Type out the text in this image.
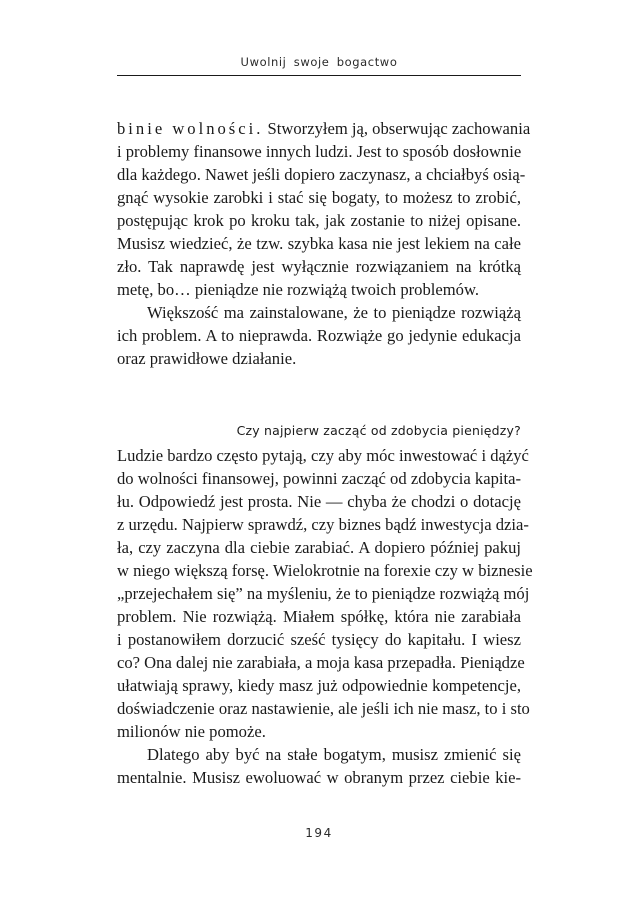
Uwolnij swoje bogactwo
binie wolności. Stworzyłem ją, obserwując zachowania
i problemy finansowe innych ludzi. Jest to sposób dosłownie
dla każdego. Nawet jeśli dopiero zaczynasz, a chciałbyś osią-
gnąć wysokie zarobki i stać się bogaty, to możesz to zrobić,
postępując krok po kroku tak, jak zostanie to niżej opisane.
Musisz wiedzieć, że tzw. szybka kasa nie jest lekiem na całe
zło. Tak naprawdę jest wyłącznie rozwiązaniem na krótką
metę, bo… pieniądze nie rozwiążą twoich problemów.
Większość ma zainstalowane, że to pieniądze rozwiążą
ich problem. A to nieprawda. Rozwiąże go jedynie edukacja
oraz prawidłowe działanie.
Czy najpierw zacząć od zdobycia pieniędzy?
Ludzie bardzo często pytają, czy aby móc inwestować i dążyć
do wolności finansowej, powinni zacząć od zdobycia kapita-
łu. Odpowiedź jest prosta. Nie — chyba że chodzi o dotację
z urzędu. Najpierw sprawdź, czy biznes bądź inwestycja dzia-
ła, czy zaczyna dla ciebie zarabiać. A dopiero później pakuj
w niego większą forsę. Wielokrotnie na forexie czy w biznesie
„przejechałem się” na myśleniu, że to pieniądze rozwiążą mój
problem. Nie rozwiążą. Miałem spółkę, która nie zarabiała
i postanowiłem dorzucić sześć tysięcy do kapitału. I wiesz
co? Ona dalej nie zarabiała, a moja kasa przepadła. Pieniądze
ułatwiają sprawy, kiedy masz już odpowiednie kompetencje,
doświadczenie oraz nastawienie, ale jeśli ich nie masz, to i sto
milionów nie pomoże.
Dlatego aby być na stałe bogatym, musisz zmienić się
mentalnie. Musisz ewoluować w obranym przez ciebie kie-
194
